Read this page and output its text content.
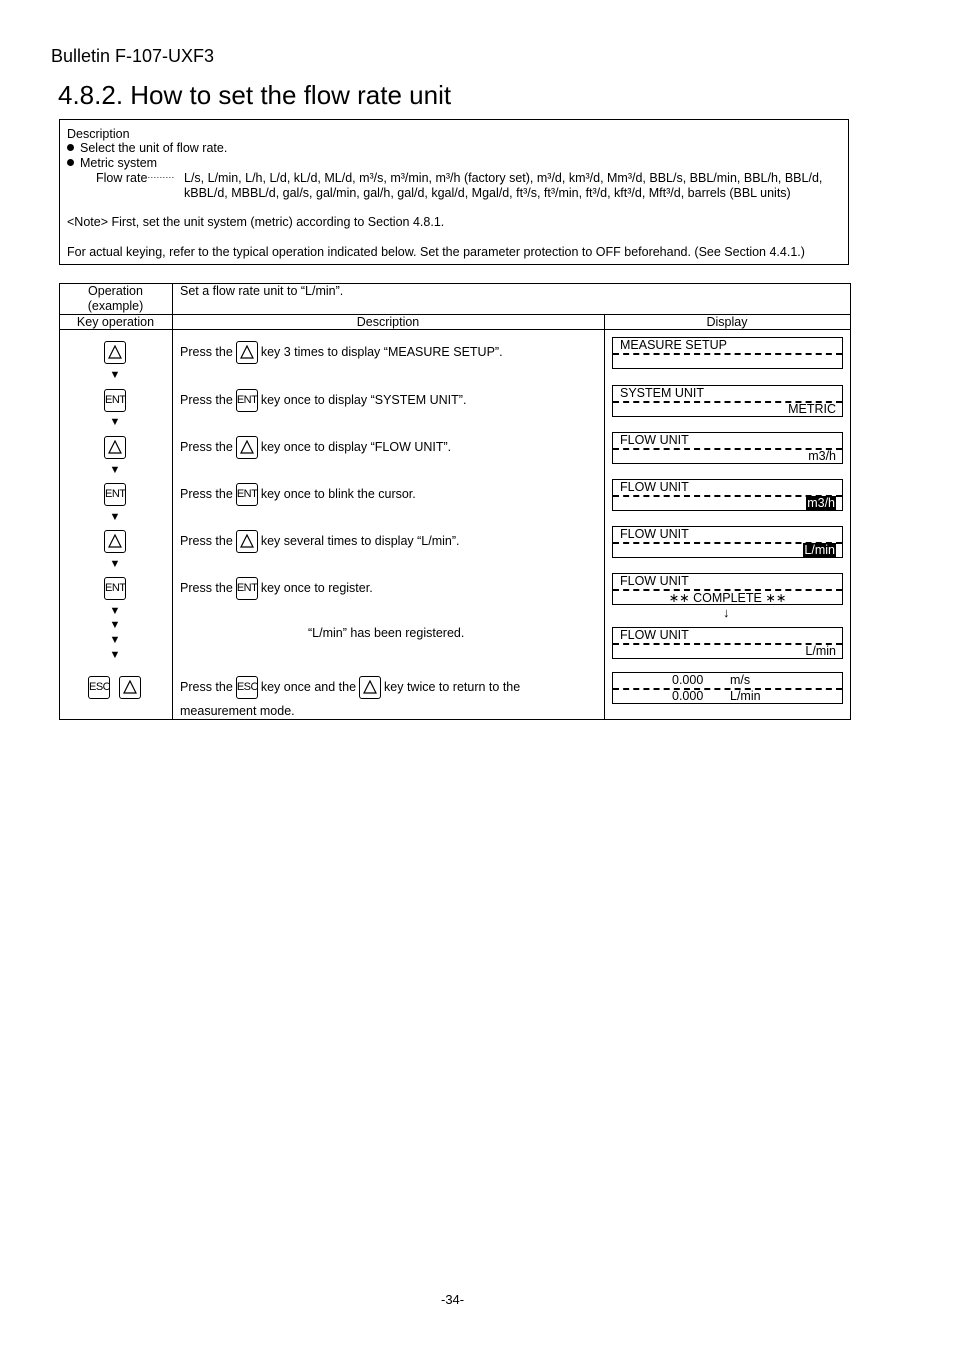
Bulletin F-107-UXF3
4.8.2. How to set the flow rate unit
Description
Select the unit of flow rate.
Metric system
Flow rate········· L/s, L/min, L/h, L/d, kL/d, ML/d, m³/s, m³/min, m³/h (factory set), m³/d, km³/d, Mm³/d, BBL/s, BBL/min, BBL/h, BBL/d,
kBBL/d, MBBL/d, gal/s, gal/min, gal/h, gal/d, kgal/d, Mgal/d, ft³/s, ft³/min, ft³/d, kft³/d, Mft³/d, barrels (BBL units)
<Note> First, set the unit system (metric) according to Section 4.8.1.
For actual keying, refer to the typical operation indicated below. Set the parameter protection to OFF beforehand. (See Section 4.4.1.)
Operation
(example)
Set a flow rate unit to “L/min”.
Key operation	Description	Display
▼
ENT
▼
▼
ENT
▼
▼
ENT
▼
▼
▼
▼
ESC
Press the key 3 times to display “MEASURE SETUP”.
Press the ENT key once to display “SYSTEM UNIT”.
Press the key once to display “FLOW UNIT”.
Press the ENT key once to blink the cursor.
Press the key several times to display “L/min”.
Press the ENT key once to register.
“L/min” has been registered.
Press the ESC key once and the key twice to return to the
measurement mode.
MEASURE SETUP
SYSTEM UNIT
METRIC
FLOW UNIT
m3/h
FLOW UNIT
m3/h
FLOW UNIT
L/min
FLOW UNIT
∗∗ COMPLETE ∗∗
↓
FLOW UNIT
L/min
0.000 m/s
0.000 L/min
-34-
